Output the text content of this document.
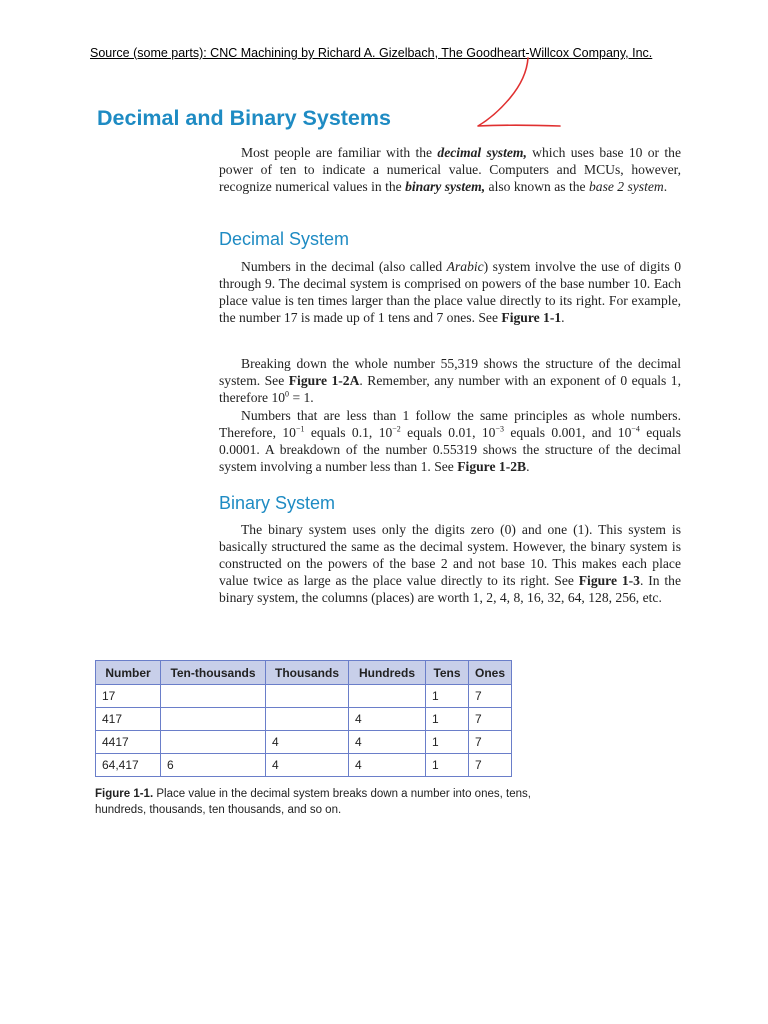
Source (some parts): CNC Machining by Richard A. Gizelbach, The Goodheart-Willcox Company, Inc.
Decimal and Binary Systems

Most people are familiar with the decimal system, which uses base 10 or the power of ten to indicate a numerical value. Computers and MCUs, however, recognize numerical values in the binary system, also known as the base 2 system.

Decimal System

Numbers in the decimal (also called Arabic) system involve the use of digits 0 through 9. The decimal system is comprised on powers of the base number 10. Each place value is ten times larger than the place value directly to its right. For example, the number 17 is made up of 1 tens and 7 ones. See Figure 1-1.

Breaking down the whole number 55,319 shows the structure of the decimal system. See Figure 1-2A. Remember, any number with an exponent of 0 equals 1, therefore $10^0 = 1$.

Numbers that are less than 1 follow the same principles as whole numbers. Therefore, $10^{-1}$ equals 0.1, $10^{-2}$ equals 0.01, $10^{-3}$ equals 0.001, and $10^{-4}$ equals 0.0001. A breakdown of the number 0.55319 shows the structure of the decimal system involving a number less than 1. See Figure 1-2B.

Binary System

The binary system uses only the digits zero (0) and one (1). This system is basically structured the same as the decimal system. However, the binary system is constructed on the powers of the base 2 and not base 10. This makes each place value twice as large as the place value directly to its right. See Figure 1-3. In the binary system, the columns (places) are worth 1, 2, 4, 8, 16, 32, 64, 128, 256, etc.

Number	Ten-thousands	Thousands	Hundreds	Tens	Ones
17				1	7
417			4	1	7
4417		4	4	1	7
64,417	6	4	4	1	7

Figure 1-1. Place value in the decimal system breaks down a number into ones, tens, hundreds, thousands, ten thousands, and so on.
